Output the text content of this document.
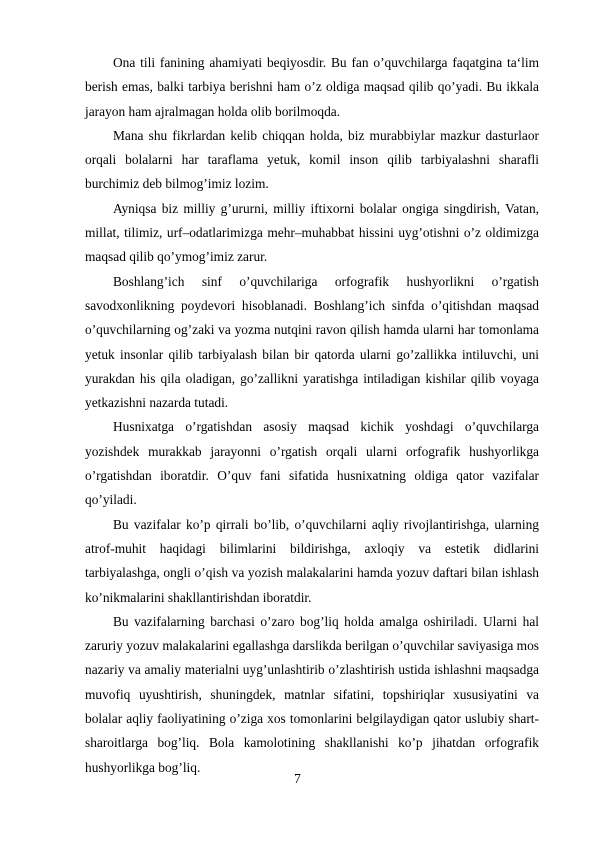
Ona tili fanining ahamiyati beqiyosdir. Bu fan o’quvchilarga faqatgina ta‘lim berish emas, balki tarbiya berishni ham o’z oldiga maqsad qilib qo’yadi. Bu ikkala jarayon ham ajralmagan holda olib borilmoqda.

Mana shu fikrlardan kelib chiqqan holda, biz murabbiylar mazkur dasturlaor orqali bolalarni har taraflama yetuk, komil inson qilib tarbiyalashni sharafli burchimiz deb bilmog’imiz lozim.

Ayniqsa biz milliy g’ururni, milliy iftixorni bolalar ongiga singdirish, Vatan, millat, tilimiz, urf–odatlarimizga mehr–muhabbat hissini uyg’otishni o’z oldimizga maqsad qilib qo’ymog’imiz zarur.

Boshlang’ich sinf o’quvchilariga orfografik hushyorlikni o’rgatish savodxonlikning poydevori hisoblanadi. Boshlang’ich sinfda o’qitishdan maqsad o’quvchilarning og’zaki va yozma nutqini ravon qilish hamda ularni har tomonlama yetuk insonlar qilib tarbiyalash bilan bir qatorda ularni go’zallikka intiluvchi, uni yurakdan his qila oladigan, go’zallikni yaratishga intiladigan kishilar qilib voyaga yetkazishni nazarda tutadi.

Husnixatga o’rgatishdan asosiy maqsad kichik yoshdagi o’quvchilarga yozishdek murakkab jarayonni o’rgatish orqali ularni orfografik hushyorlikga o’rgatishdan iboratdir. O’quv fani sifatida husnixatning oldiga qator vazifalar qo’yiladi.

Bu vazifalar ko’p qirrali bo’lib, o’quvchilarni aqliy rivojlantirishga, ularning atrof-muhit haqidagi bilimlarini bildirishga, axloqiy va estetik didlarini tarbiyalashga, ongli o’qish va yozish malakalarini hamda yozuv daftari bilan ishlash ko’nikmalarini shakllantirishdan iboratdir.

Bu vazifalarning barchasi o’zaro bog’liq holda amalga oshiriladi. Ularni hal zaruriy yozuv malakalarini egallashga darslikda berilgan o’quvchilar saviyasiga mos nazariy va amaliy materialni uyg’unlashtirib o’zlashtirish ustida ishlashni maqsadga muvofiq uyushtirish, shuningdek, matnlar sifatini, topshiriqlar xususiyatini va bolalar aqliy faoliyatining o’ziga xos tomonlarini belgilaydigan qator uslubiy shart-sharoitlarga bog’liq. Bola kamolotining shakllanishi ko’p jihatdan orfografik hushyorlikga bog’liq.

7
